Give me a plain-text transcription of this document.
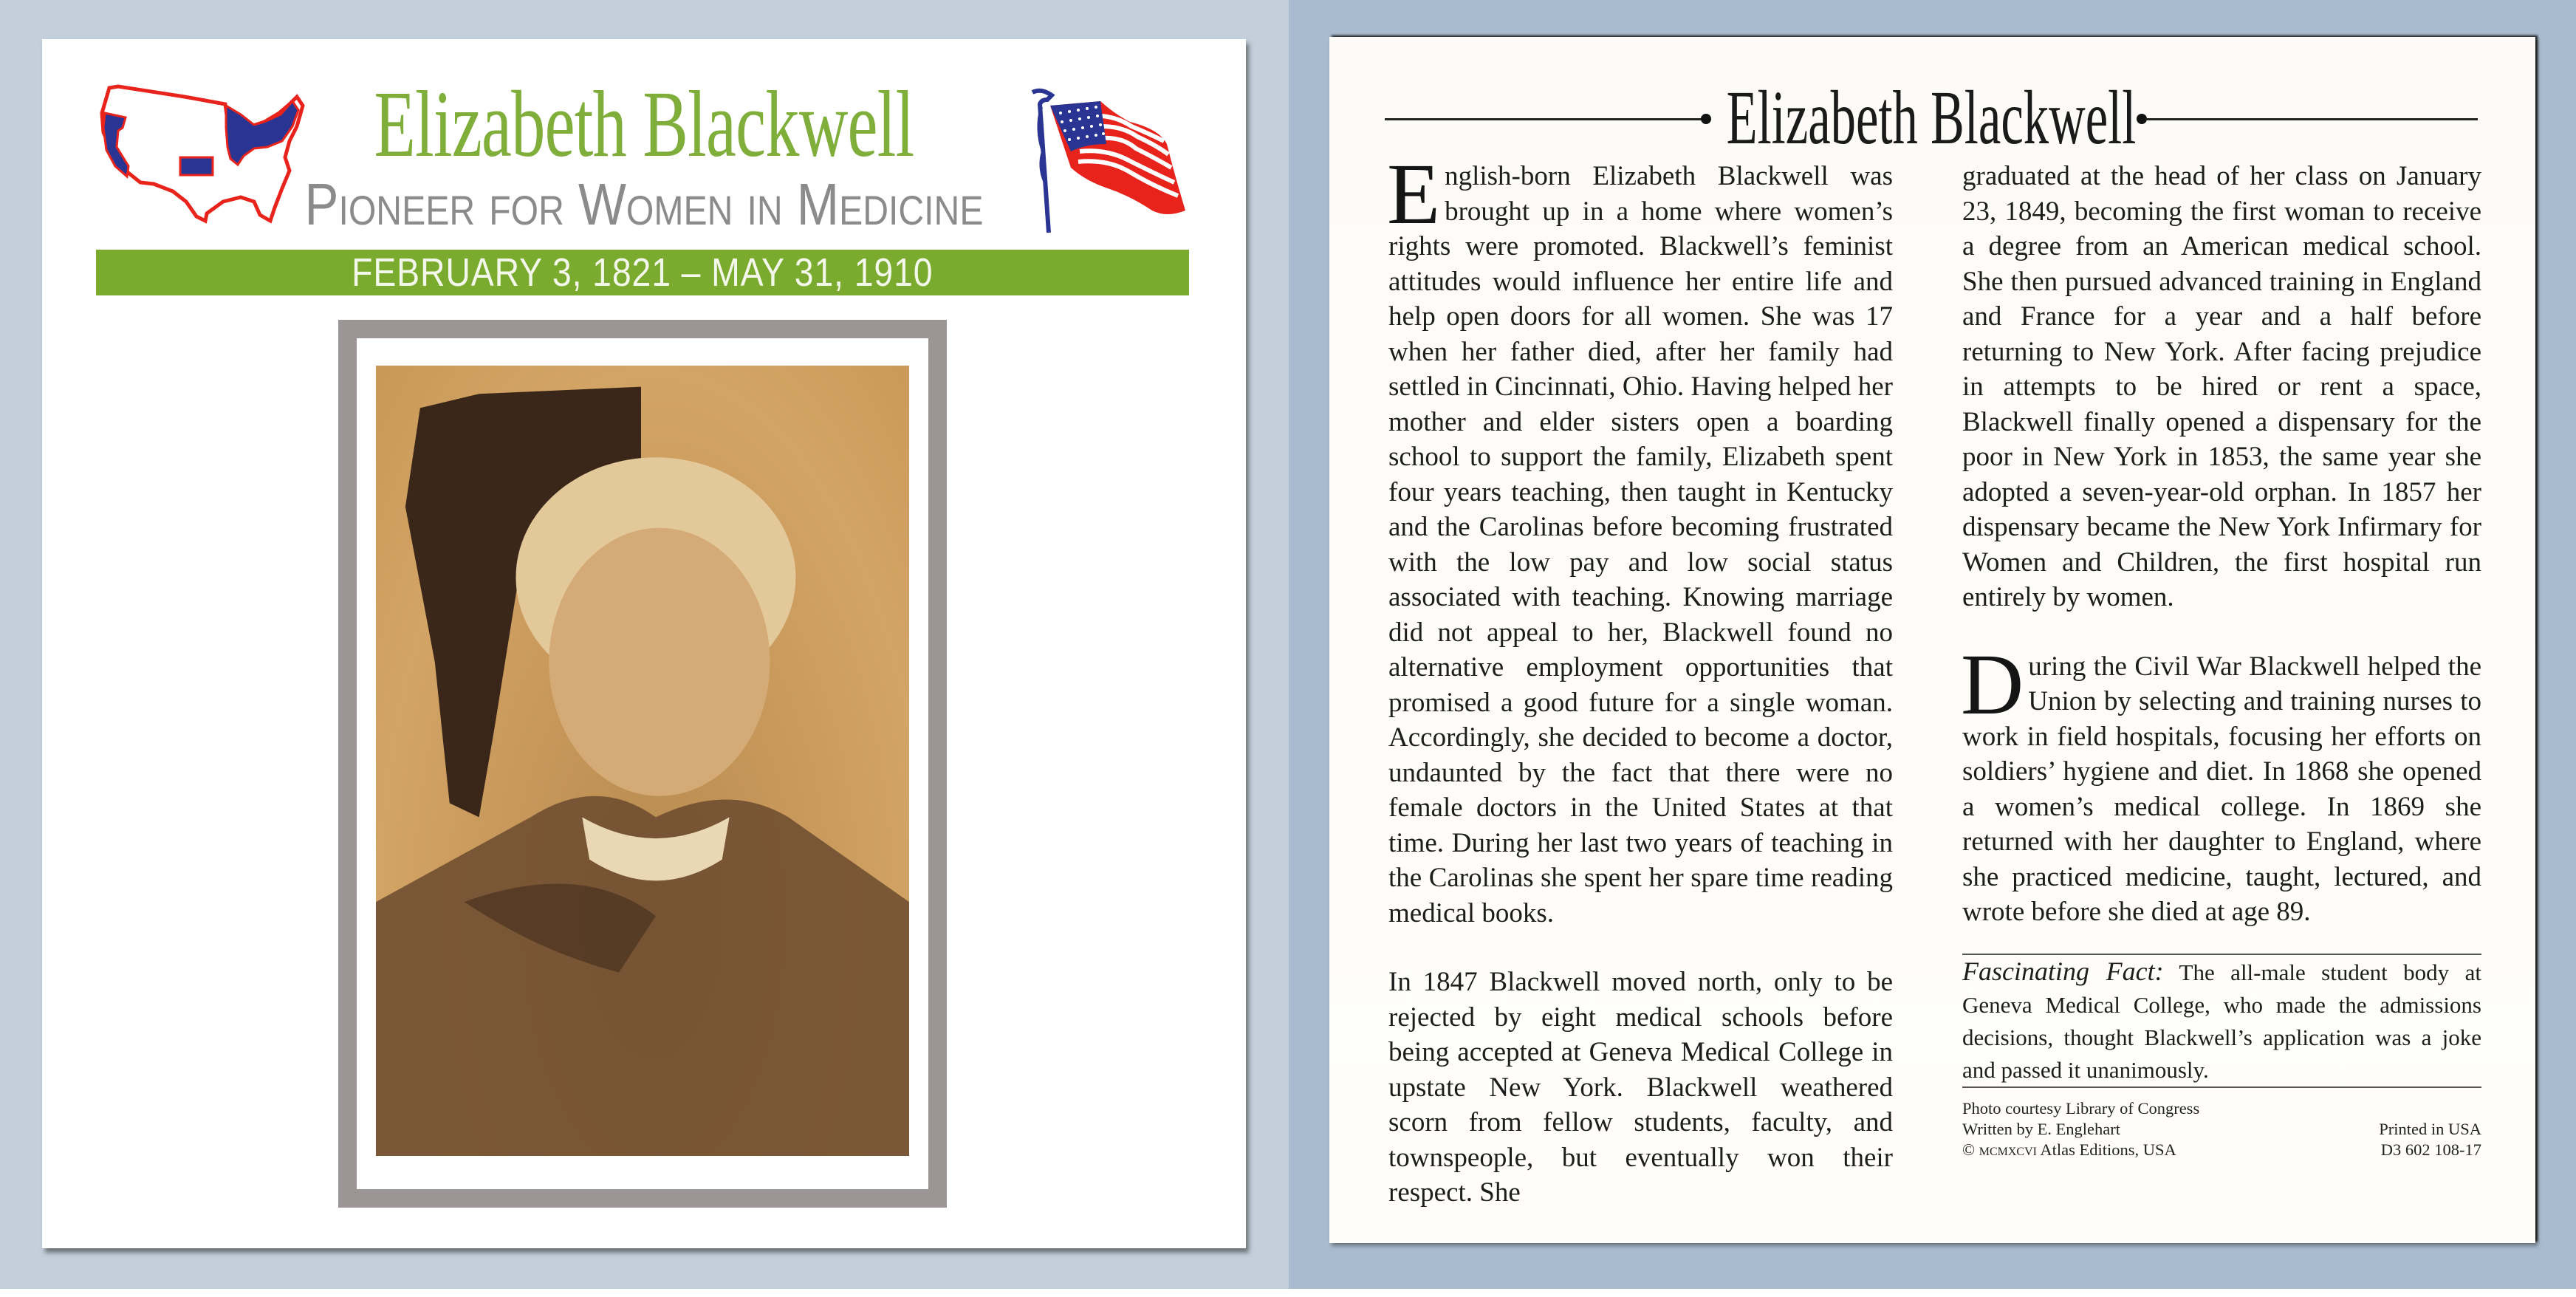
Elizabeth Blackwell
Pioneer for Women in Medicine
FEBRUARY 3, 1821 – MAY 31, 1910
Elizabeth Blackwell

English-born Elizabeth Blackwell was brought up in a home where women’s rights were promoted. Blackwell’s feminist attitudes would influence her entire life and help open doors for all women. She was 17 when her father died, after her family had settled in Cincinnati, Ohio. Having helped her mother and elder sisters open a boarding school to support the family, Elizabeth spent four years teaching, then taught in Kentucky and the Carolinas before becoming frustrated with the low pay and low social status associated with teaching. Knowing marriage did not appeal to her, Blackwell found no alternative employment opportunities that promised a good future for a single woman. Accordingly, she decided to become a doctor, undaunted by the fact that there were no female doctors in the United States at that time. During her last two years of teaching in the Carolinas she spent her spare time reading medical books.

In 1847 Blackwell moved north, only to be rejected by eight medical schools before being accepted at Geneva Medical College in upstate New York. Blackwell weathered scorn from fellow students, faculty, and townspeople, but eventually won their respect. She

graduated at the head of her class on January 23, 1849, becoming the first woman to receive a degree from an American medical school. She then pursued advanced training in England and France for a year and a half before returning to New York. After facing prejudice in attempts to be hired or rent a space, Blackwell finally opened a dispensary for the poor in New York in 1853, the same year she adopted a seven-year-old orphan. In 1857 her dispensary became the New York Infirmary for Women and Children, the first hospital run entirely by women.

During the Civil War Blackwell helped the Union by selecting and training nurses to work in field hospitals, focusing her efforts on soldiers’ hygiene and diet. In 1868 she opened a women’s medical college. In 1869 she returned with her daughter to England, where she practiced medicine, taught, lectured, and wrote before she died at age 89.

Fascinating Fact: The all-male student body at Geneva Medical College, who made the admissions decisions, thought Blackwell’s application was a joke and passed it unanimously.

Photo courtesy Library of Congress
Written by E. Englehart
© mcmxcvi Atlas Editions, USA
Printed in USA
D3 602 108-17
